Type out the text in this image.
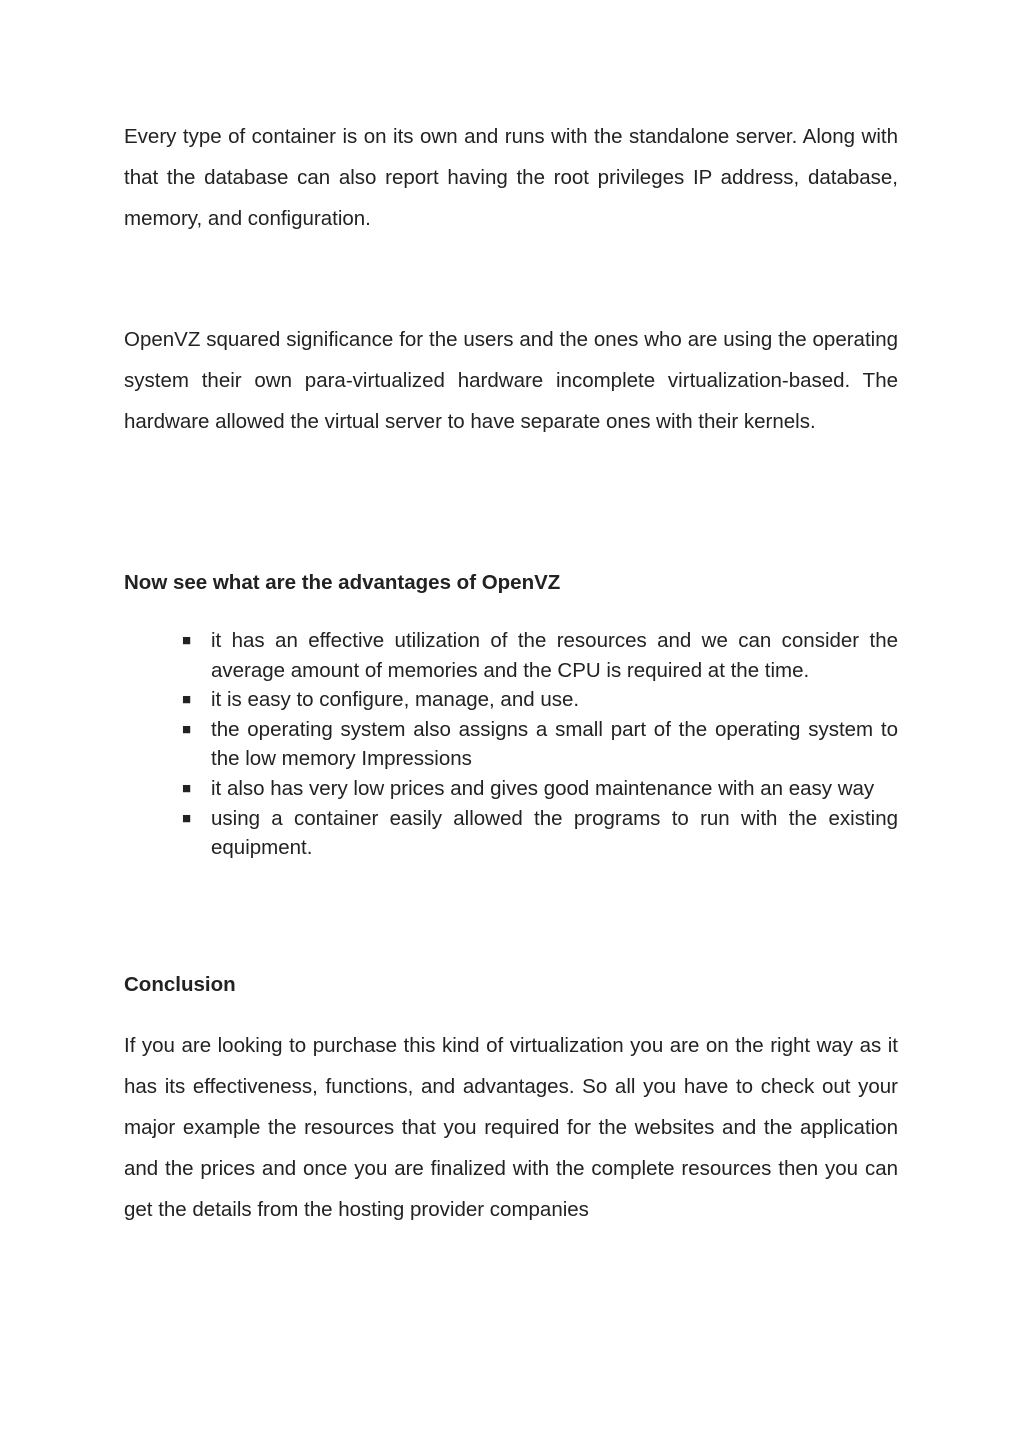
Every type of container is on its own and runs with the standalone server. Along with that the database can also report having the root privileges IP address, database, memory, and configuration.

OpenVZ squared significance for the users and the ones who are using the operating system their own para-virtualized hardware incomplete virtualization-based. The hardware allowed the virtual server to have separate ones with their kernels.

Now see what are the advantages of OpenVZ
■ it has an effective utilization of the resources and we can consider the average amount of memories and the CPU is required at the time.
■ it is easy to configure, manage, and use.
■ the operating system also assigns a small part of the operating system to the low memory Impressions
■ it also has very low prices and gives good maintenance with an easy way
■ using a container easily allowed the programs to run with the existing equipment.
Conclusion

If you are looking to purchase this kind of virtualization you are on the right way as it has its effectiveness, functions, and advantages. So all you have to check out your major example the resources that you required for the websites and the application and the prices and once you are finalized with the complete resources then you can get the details from the hosting provider companies
